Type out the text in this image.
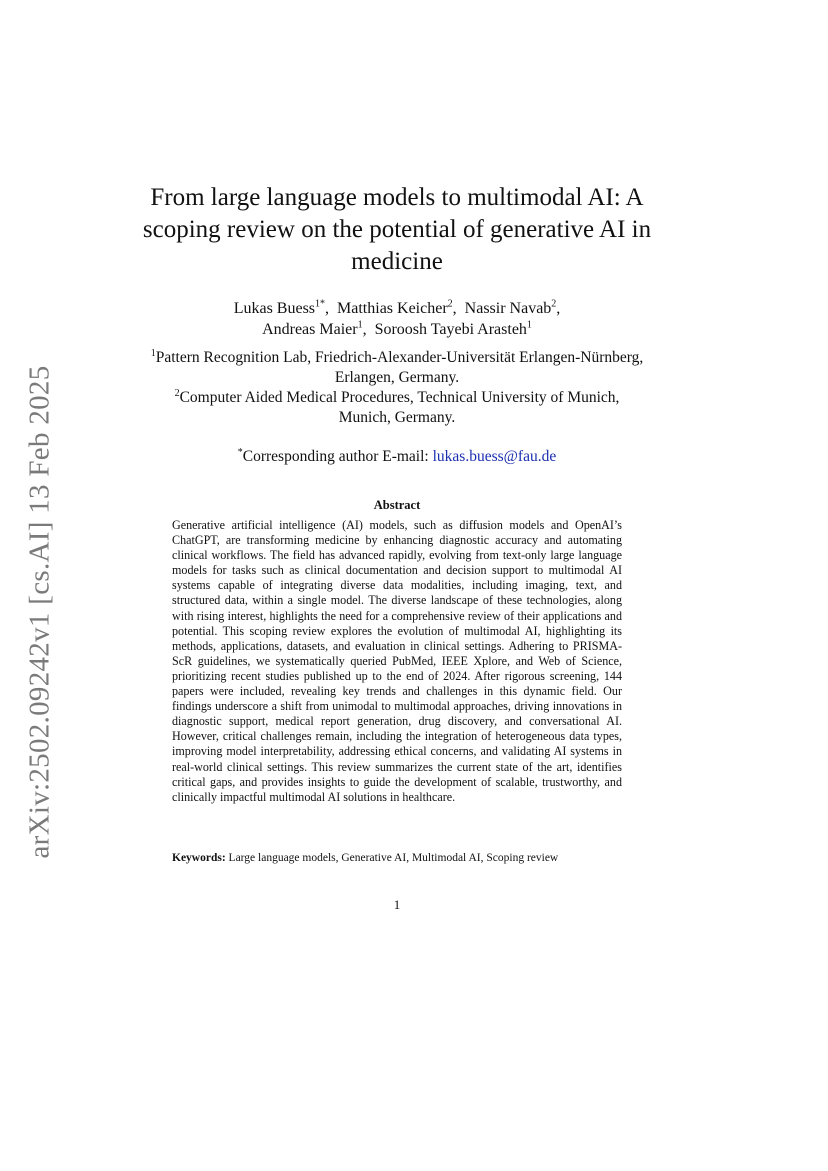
arXiv:2502.09242v1 [cs.AI] 13 Feb 2025
From large language models to multimodal AI: A scoping review on the potential of generative AI in medicine
Lukas Buess$^{1*}$,  Matthias Keicher$^2$,  Nassir Navab$^2$,
Andreas Maier$^1$,  Soroosh Tayebi Arasteh$^1$
$^1$Pattern Recognition Lab, Friedrich-Alexander-Universität Erlangen-Nürnberg, Erlangen, Germany.
$^2$Computer Aided Medical Procedures, Technical University of Munich, Munich, Germany.
*Corresponding author E-mail: lukas.buess@fau.de
Abstract
Generative artificial intelligence (AI) models, such as diffusion models and OpenAI’s ChatGPT, are transforming medicine by enhancing diagnostic accuracy and automating clinical workflows. The field has advanced rapidly, evolving from text-only large language models for tasks such as clinical documentation and decision support to multimodal AI systems capable of integrating diverse data modalities, including imaging, text, and structured data, within a single model. The diverse landscape of these technologies, along with rising interest, highlights the need for a comprehensive review of their applications and potential. This scoping review explores the evolution of multimodal AI, highlighting its methods, applications, datasets, and evaluation in clinical settings. Adhering to PRISMA-ScR guidelines, we systematically queried PubMed, IEEE Xplore, and Web of Science, prioritizing recent studies published up to the end of 2024. After rigorous screening, 144 papers were included, revealing key trends and challenges in this dynamic field. Our findings underscore a shift from unimodal to multimodal approaches, driving innovations in diagnostic support, medical report generation, drug discovery, and conversational AI. However, critical challenges remain, including the integration of heterogeneous data types, improving model interpretability, addressing ethical concerns, and validating AI systems in real-world clinical settings. This review summarizes the current state of the art, identifies critical gaps, and provides insights to guide the development of scalable, trustworthy, and clinically impactful multimodal AI solutions in healthcare.
Keywords: Large language models, Generative AI, Multimodal AI, Scoping review
1
